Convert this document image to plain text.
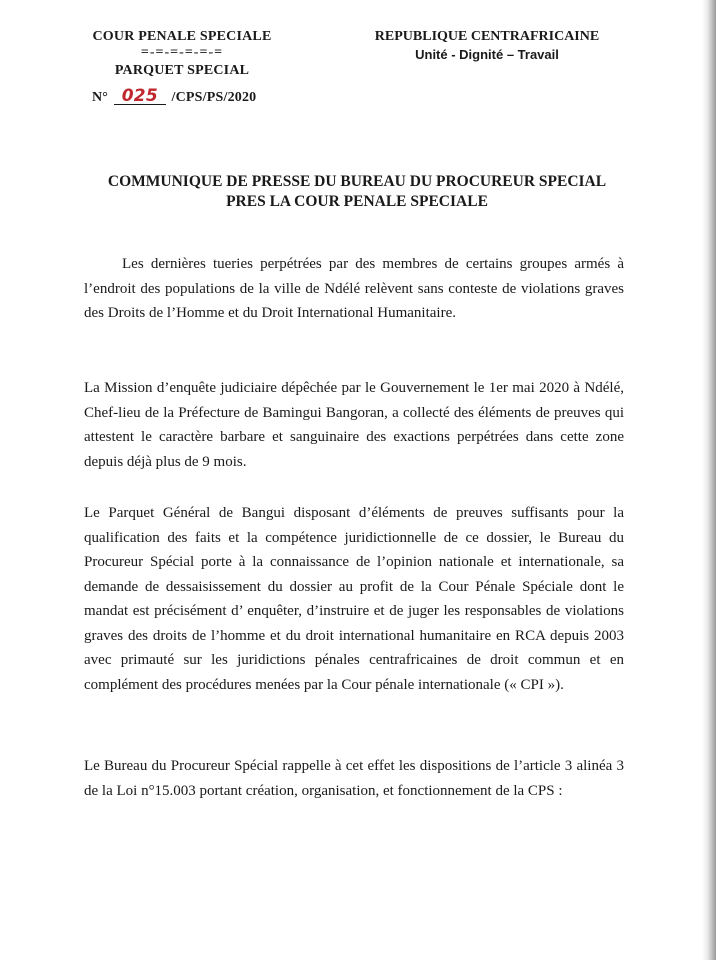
COUR PENALE SPECIALE
=-=-=-=-=-=
PARQUET SPECIAL
N° 025 /CPS/PS/2020
REPUBLIQUE CENTRAFRICAINE
Unité - Dignité – Travail
COMMUNIQUE DE PRESSE DU BUREAU DU PROCUREUR SPECIAL
PRES LA COUR PENALE SPECIALE
Les dernières tueries perpétrées par des membres de certains groupes armés à l’endroit des populations de la ville de Ndélé relèvent sans conteste de violations graves des Droits de l’Homme et du Droit International Humanitaire.
La Mission d’enquête judiciaire dépêchée par le Gouvernement le 1er mai 2020 à Ndélé, Chef-lieu de la Préfecture de Bamingui Bangoran, a collecté des éléments de preuves qui attestent le caractère barbare et sanguinaire des exactions perpétrées dans cette zone depuis déjà plus de 9 mois.
Le Parquet Général de Bangui disposant d’éléments de preuves suffisants pour la qualification des faits et la compétence juridictionnelle de ce dossier, le Bureau du Procureur Spécial porte à la connaissance de l’opinion nationale et internationale, sa demande de dessaisissement du dossier au profit de la Cour Pénale Spéciale dont le mandat est précisément d’ enquêter, d’instruire et de juger les responsables de violations graves des droits de l’homme et du droit international humanitaire en RCA depuis 2003 avec primauté sur les juridictions pénales centrafricaines de droit commun et en complément des procédures menées par la Cour pénale internationale (« CPI »).
Le Bureau du Procureur Spécial rappelle à cet effet les dispositions de l’article 3 alinéa 3 de la Loi n°15.003 portant création, organisation, et fonctionnement de la CPS :
